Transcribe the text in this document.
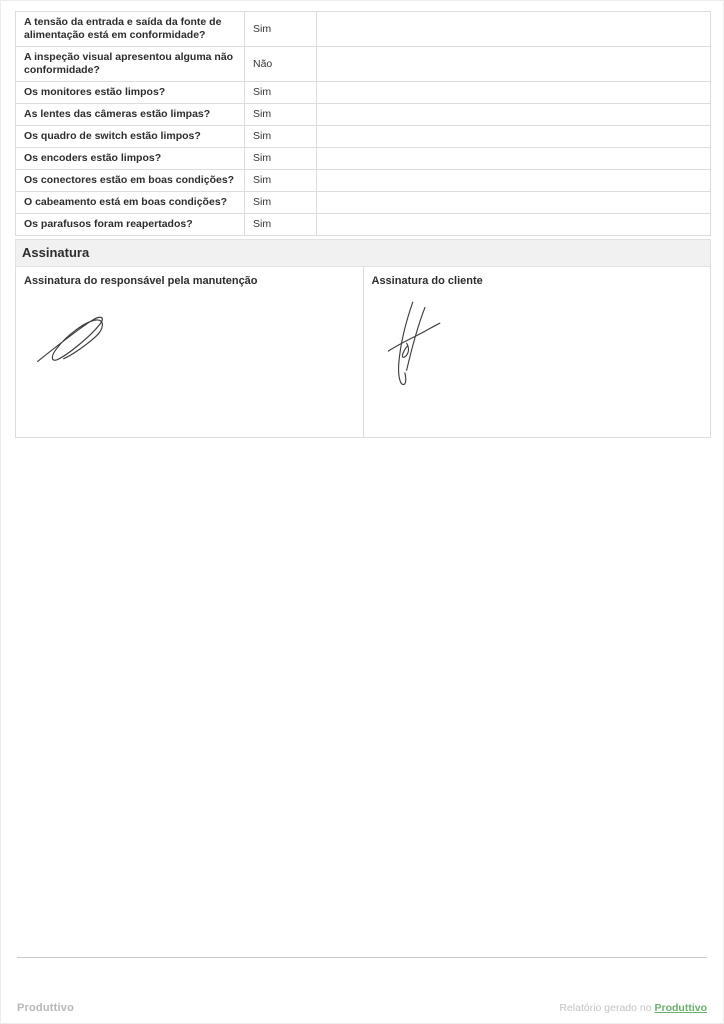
A tensão da entrada e saída da fonte de alimentação está em conformidade?	Sim	
A inspeção visual apresentou alguma não conformidade?	Não	
Os monitores estão limpos?	Sim	
As lentes das câmeras estão limpas?	Sim	
Os quadro de switch estão limpos?	Sim	
Os encoders estão limpos?	Sim	
Os conectores estão em boas condições?	Sim	
O cabeamento está em boas condições?	Sim	
Os parafusos foram reapertados?	Sim	
Assinatura
Assinatura do responsável pela manutenção	Assinatura do cliente
Produttivo	Relatório gerado no Produttivo
